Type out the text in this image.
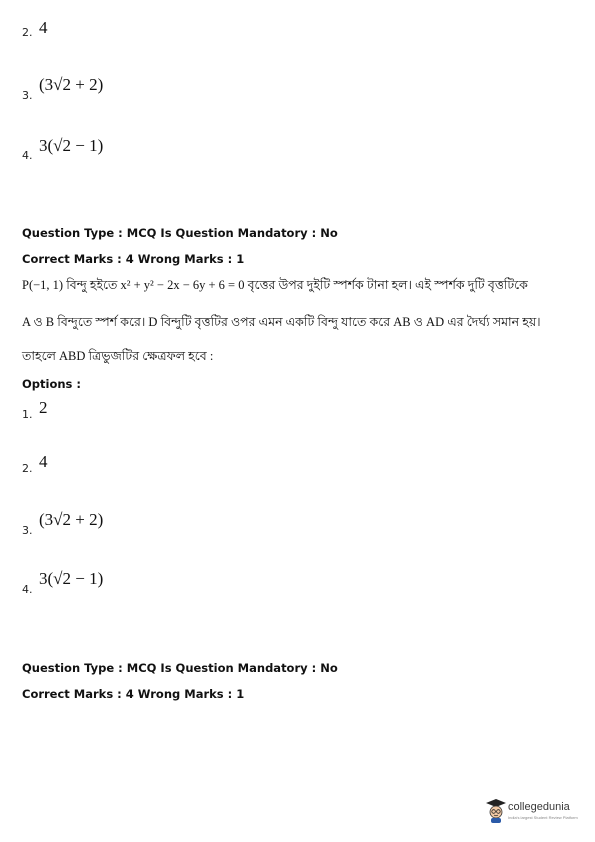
2. 4
3.
(3√2 + 2)
4.
3(√2 − 1)
Question Type : MCQ Is Question Mandatory : No
Correct Marks : 4 Wrong Marks : 1
P(−1, 1) বিন্দু হইতে x² + y² − 2x − 6y + 6 = 0 বৃত্তের উপর দুইটি স্পর্শক টানা হল। এই স্পর্শক দুটি বৃত্তটিকে
A ও B বিন্দুতে স্পর্শ করে। D বিন্দুটি বৃত্তটির ওপর এমন একটি বিন্দু যাতে করে AB ও AD এর দৈর্ঘ্য সমান হয়।
তাহলে ABD ত্রিভুজটির ক্ষেত্রফল হবে :
Options :
1. 2
2. 4
3.
(3√2 + 2)
4.
3(√2 − 1)
Question Type : MCQ Is Question Mandatory : No
Correct Marks : 4 Wrong Marks : 1
collegedunia
India's largest Student Review Platform
